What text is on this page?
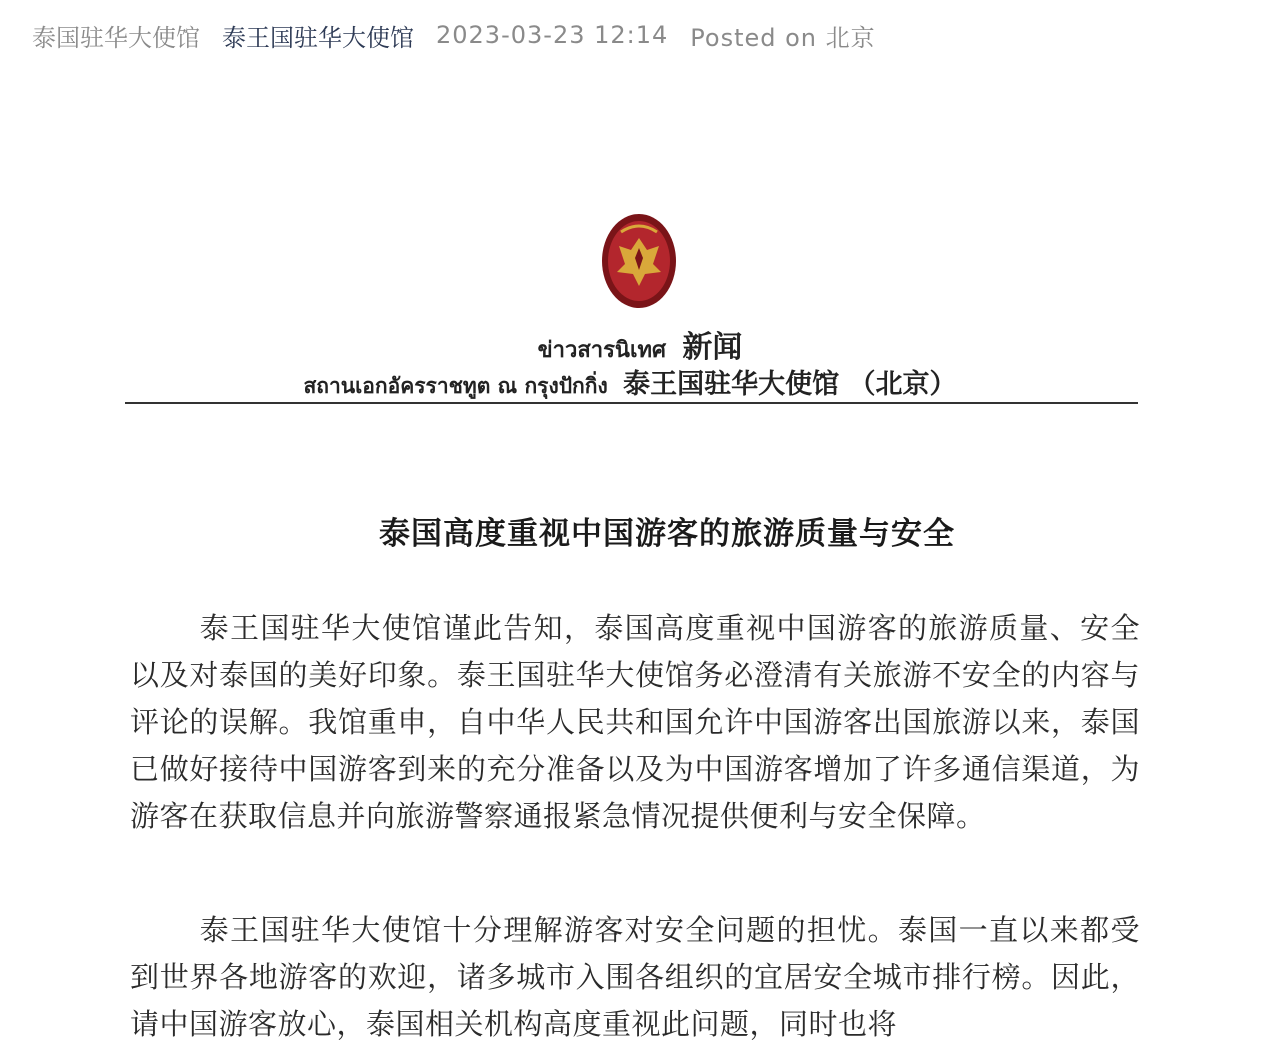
泰国驻华大使馆 泰王国驻华大使馆 2023-03-23 12:14 Posted on 北京
ข่าวสารนิเทศ 新闻
สถานเอกอัครราชทูต ณ กรุงปักกิ่ง 泰王国驻华大使馆 （北京）
泰国高度重视中国游客的旅游质量与安全

泰王国驻华大使馆谨此告知，泰国高度重视中国游客的旅游质量、安全以及对泰国的美好印象。泰王国驻华大使馆务必澄清有关旅游不安全的内容与评论的误解。我馆重申，自中华人民共和国允许中国游客出国旅游以来，泰国已做好接待中国游客到来的充分准备以及为中国游客增加了许多通信渠道，为游客在获取信息并向旅游警察通报紧急情况提供便利与安全保障。

泰王国驻华大使馆十分理解游客对安全问题的担忧。泰国一直以来都受到世界各地游客的欢迎，诸多城市入围各组织的宜居安全城市排行榜。因此，请中国游客放心，泰国相关机构高度重视此问题，同时也将
